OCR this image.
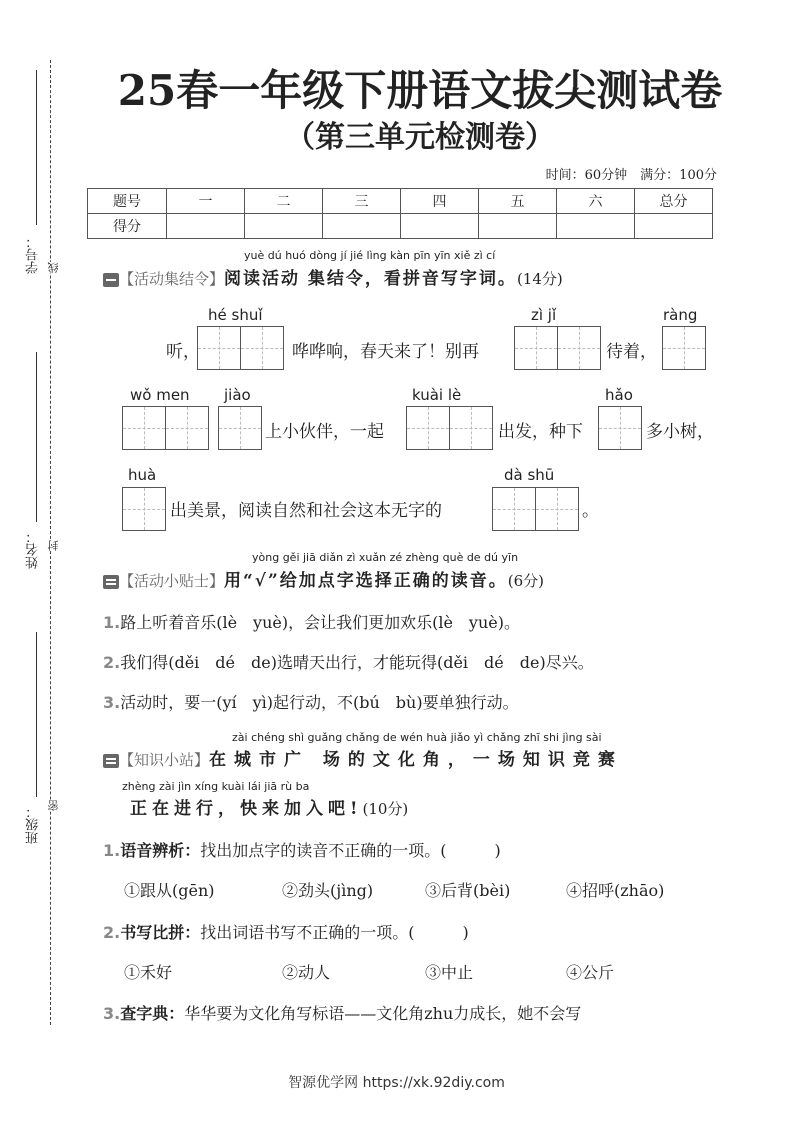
学号： 线
姓名： 封
班级： 密
25春一年级下册语文拔尖测试卷
（第三单元检测卷）
时间：60分钟　满分：100分
题号	一	二	三	四	五	六	总分
得分							
yuè dú huó dòng jí jié lìng kàn pīn yīn xiě zì cí
【活动集结令】阅读活动 集结令，看拼音写字词。(14分)
hé shuǐ
听，	哗哗响，春天来了！别再
zì jǐ
待着，
ràng
wǒ men jiào
上小伙伴，一起
kuài lè
出发，种下
hǎo
多小树，
huà
出美景，阅读自然和社会这本无字的
dà shū
。
yòng gěi jiā diǎn zì xuǎn zé zhèng què de dú yīn
【活动小贴士】用“√”给加点字选择正确的读音。(6分)
1.路上听着音乐(lè　yuè)，会让我们更加欢乐(lè　yuè)。
2.我们得(děi　dé　de)选晴天出行，才能玩得(děi　dé　de)尽兴。
3.活动时，要一(yí　yì)起行动，不(bú　bù)要单独行动。
zài chéng shì guǎng chǎng de wén huà jiǎo yì chǎng zhī shi jìng sài
【知识小站】在城市广 场的文化角，一场知识竞赛
zhèng zài jìn xíng kuài lái jiā rù ba
正在进行，快来加入吧!(10分)
1.语音辨析：找出加点字的读音不正确的一项。(　　　)
①跟从(gēn)	②劲头(jìng)	③后背(bèi)	④招呼(zhāo)
2.书写比拼：找出词语书写不正确的一项。(　　　)
①禾好	②动人	③中止	④公斤
3.查字典：华华要为文化角写标语——文化角zhu力成长，她不会写
智源优学网 https://xk.92diy.com
